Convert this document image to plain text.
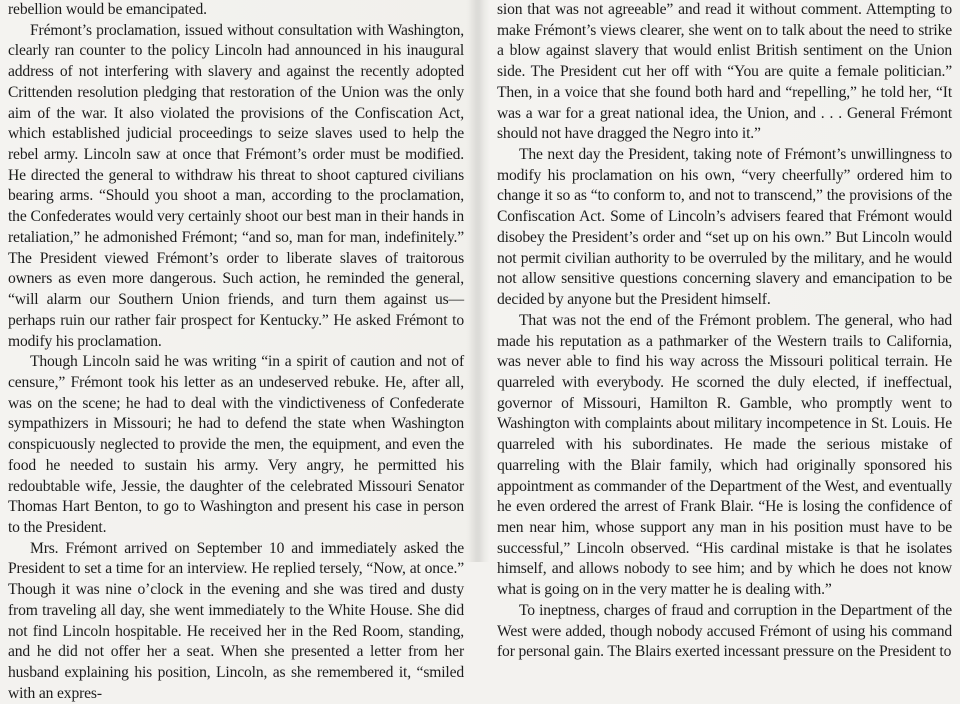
rebellion would be emancipated.

Frémont’s proclamation, issued without consultation with Washington, clearly ran counter to the policy Lincoln had announced in his inaugural address of not interfering with slavery and against the recently adopted Crittenden resolution pledging that restoration of the Union was the only aim of the war. It also violated the provisions of the Confiscation Act, which established judicial proceedings to seize slaves used to help the rebel army. Lincoln saw at once that Frémont’s order must be modified. He directed the general to withdraw his threat to shoot captured civilians bearing arms. “Should you shoot a man, according to the proclamation, the Confederates would very certainly shoot our best man in their hands in retaliation,” he admonished Frémont; “and so, man for man, indefinitely.” The President viewed Frémont’s order to liberate slaves of traitorous owners as even more dangerous. Such action, he reminded the general, “will alarm our Southern Union friends, and turn them against us—perhaps ruin our rather fair prospect for Kentucky.” He asked Frémont to modify his proclamation.

Though Lincoln said he was writing “in a spirit of caution and not of censure,” Frémont took his letter as an undeserved rebuke. He, after all, was on the scene; he had to deal with the vindictiveness of Confederate sympathizers in Missouri; he had to defend the state when Washington conspicuously neglected to provide the men, the equipment, and even the food he needed to sustain his army. Very angry, he permitted his redoubtable wife, Jessie, the daughter of the celebrated Missouri Senator Thomas Hart Benton, to go to Washington and present his case in person to the President.

Mrs. Frémont arrived on September 10 and immediately asked the President to set a time for an interview. He replied tersely, “Now, at once.” Though it was nine o’clock in the evening and she was tired and dusty from traveling all day, she went immediately to the White House. She did not find Lincoln hospitable. He received her in the Red Room, standing, and he did not offer her a seat. When she presented a letter from her husband explaining his position, Lincoln, as she remembered it, “smiled with an expres-

sion that was not agreeable” and read it without comment. Attempting to make Frémont’s views clearer, she went on to talk about the need to strike a blow against slavery that would enlist British sentiment on the Union side. The President cut her off with “You are quite a female politician.” Then, in a voice that she found both hard and “repelling,” he told her, “It was a war for a great national idea, the Union, and . . . General Frémont should not have dragged the Negro into it.”

The next day the President, taking note of Frémont’s unwillingness to modify his proclamation on his own, “very cheerfully” ordered him to change it so as “to conform to, and not to transcend,” the provisions of the Confiscation Act. Some of Lincoln’s advisers feared that Frémont would disobey the President’s order and “set up on his own.” But Lincoln would not permit civilian authority to be overruled by the military, and he would not allow sensitive questions concerning slavery and emancipation to be decided by anyone but the President himself.

That was not the end of the Frémont problem. The general, who had made his reputation as a pathmarker of the Western trails to California, was never able to find his way across the Missouri political terrain. He quarreled with everybody. He scorned the duly elected, if ineffectual, governor of Missouri, Hamilton R. Gamble, who promptly went to Washington with complaints about military incompetence in St. Louis. He quarreled with his subordinates. He made the serious mistake of quarreling with the Blair family, which had originally sponsored his appointment as commander of the Department of the West, and eventually he even ordered the arrest of Frank Blair. “He is losing the confidence of men near him, whose support any man in his position must have to be successful,” Lincoln observed. “His cardinal mistake is that he isolates himself, and allows nobody to see him; and by which he does not know what is going on in the very matter he is dealing with.”

To ineptness, charges of fraud and corruption in the Department of the West were added, though nobody accused Frémont of using his command for personal gain. The Blairs exerted incessant pressure on the President to
